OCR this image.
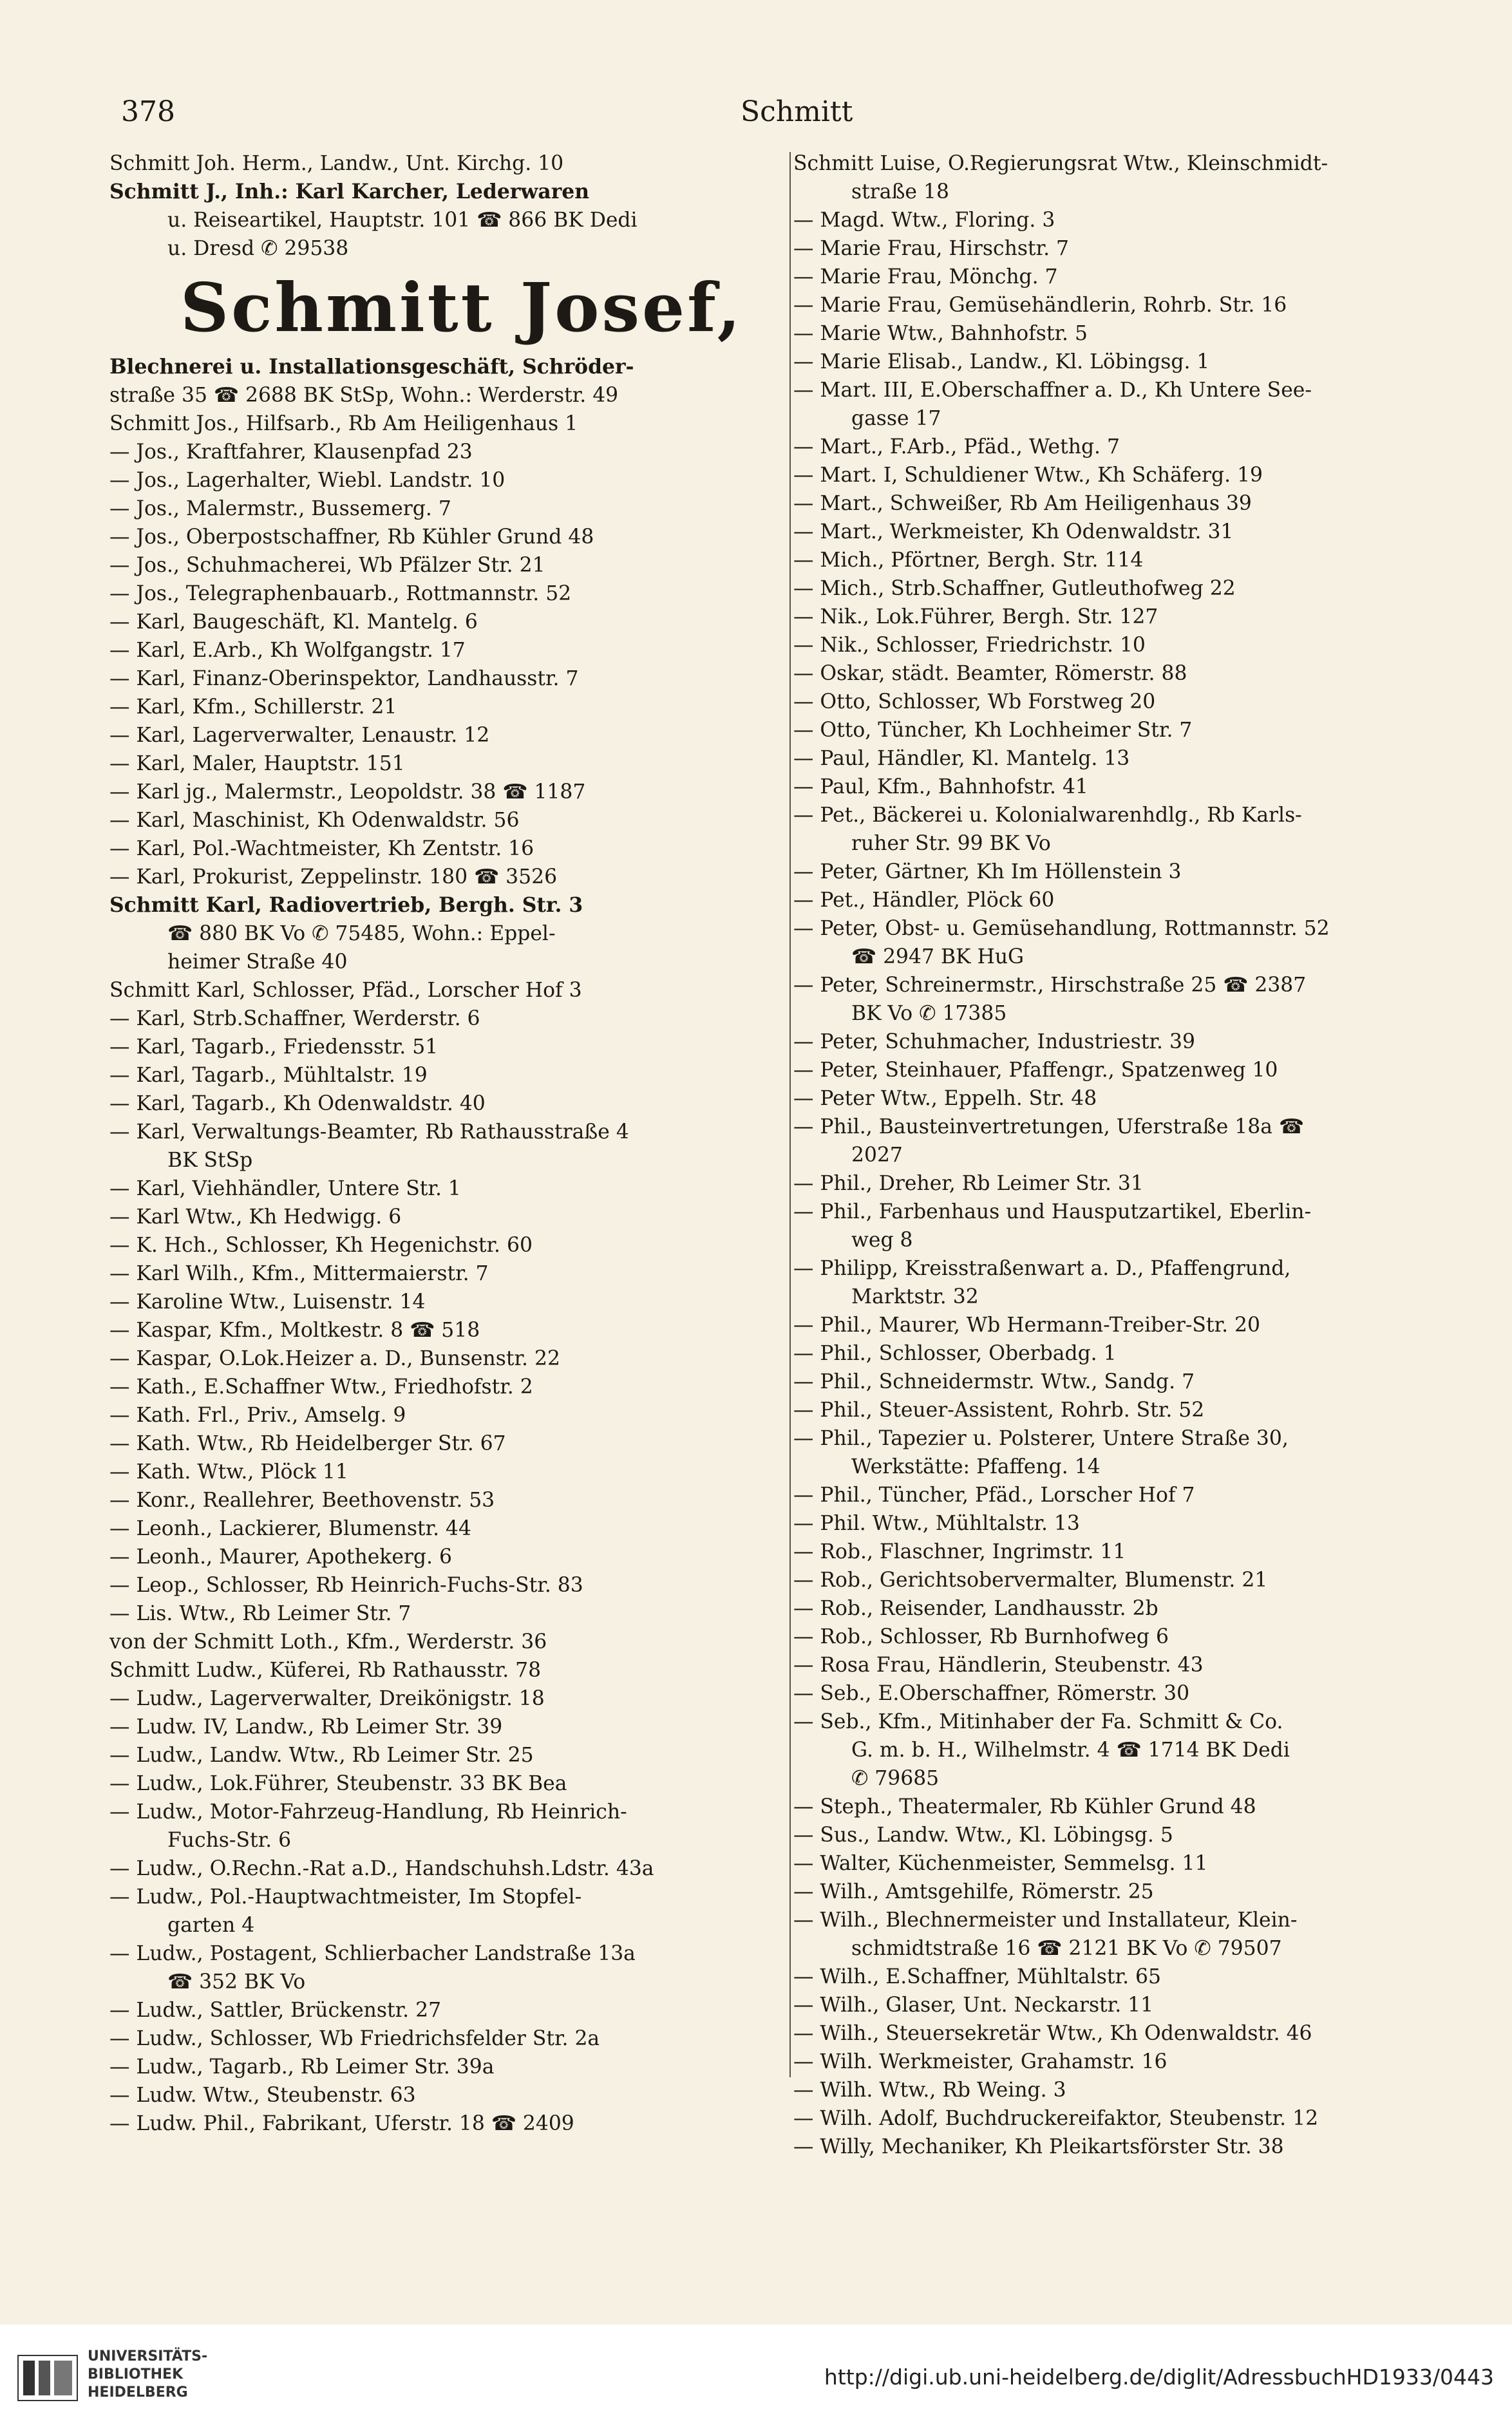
378	Schmitt
Schmitt Joh. Herm., Landw., Unt. Kirchg. 10
Schmitt J., Inh.: Karl Karcher, Lederwaren
u. Reiseartikel, Hauptstr. 101 ☎ 866 BK Dedi
u. Dresd ✆ 29538
Schmitt Josef,
Blechnerei u. Installationsgeschäft, Schröder-
straße 35 ☎ 2688 BK StSp, Wohn.: Werderstr. 49
Schmitt Jos., Hilfsarb., Rb Am Heiligenhaus 1
— Jos., Kraftfahrer, Klausenpfad 23
— Jos., Lagerhalter, Wiebl. Landstr. 10
— Jos., Malermstr., Bussemerg. 7
— Jos., Oberpostschaffner, Rb Kühler Grund 48
— Jos., Schuhmacherei, Wb Pfälzer Str. 21
— Jos., Telegraphenbauarb., Rottmannstr. 52
— Karl, Baugeschäft, Kl. Mantelg. 6
— Karl, E.Arb., Kh Wolfgangstr. 17
— Karl, Finanz-Oberinspektor, Landhausstr. 7
— Karl, Kfm., Schillerstr. 21
— Karl, Lagerverwalter, Lenaustr. 12
— Karl, Maler, Hauptstr. 151
— Karl jg., Malermstr., Leopoldstr. 38 ☎ 1187
— Karl, Maschinist, Kh Odenwaldstr. 56
— Karl, Pol.-Wachtmeister, Kh Zentstr. 16
— Karl, Prokurist, Zeppelinstr. 180 ☎ 3526
Schmitt Karl, Radiovertrieb, Bergh. Str. 3
☎ 880 BK Vo ✆ 75485, Wohn.: Eppel-
heimer Straße 40
Schmitt Karl, Schlosser, Pfäd., Lorscher Hof 3
— Karl, Strb.Schaffner, Werderstr. 6
— Karl, Tagarb., Friedensstr. 51
— Karl, Tagarb., Mühltalstr. 19
— Karl, Tagarb., Kh Odenwaldstr. 40
— Karl, Verwaltungs-Beamter, Rb Rathausstraße 4
BK StSp
— Karl, Viehhändler, Untere Str. 1
— Karl Wtw., Kh Hedwigg. 6
— K. Hch., Schlosser, Kh Hegenichstr. 60
— Karl Wilh., Kfm., Mittermaierstr. 7
— Karoline Wtw., Luisenstr. 14
— Kaspar, Kfm., Moltkestr. 8 ☎ 518
— Kaspar, O.Lok.Heizer a. D., Bunsenstr. 22
— Kath., E.Schaffner Wtw., Friedhofstr. 2
— Kath. Frl., Priv., Amselg. 9
— Kath. Wtw., Rb Heidelberger Str. 67
— Kath. Wtw., Plöck 11
— Konr., Reallehrer, Beethovenstr. 53
— Leonh., Lackierer, Blumenstr. 44
— Leonh., Maurer, Apothekerg. 6
— Leop., Schlosser, Rb Heinrich-Fuchs-Str. 83
— Lis. Wtw., Rb Leimer Str. 7
von der Schmitt Loth., Kfm., Werderstr. 36
Schmitt Ludw., Küferei, Rb Rathausstr. 78
— Ludw., Lagerverwalter, Dreikönigstr. 18
— Ludw. IV, Landw., Rb Leimer Str. 39
— Ludw., Landw. Wtw., Rb Leimer Str. 25
— Ludw., Lok.Führer, Steubenstr. 33 BK Bea
— Ludw., Motor-Fahrzeug-Handlung, Rb Heinrich-
Fuchs-Str. 6
— Ludw., O.Rechn.-Rat a.D., Handschuhsh.Ldstr. 43a
— Ludw., Pol.-Hauptwachtmeister, Im Stopfel-
garten 4
— Ludw., Postagent, Schlierbacher Landstraße 13a
☎ 352 BK Vo
— Ludw., Sattler, Brückenstr. 27
— Ludw., Schlosser, Wb Friedrichsfelder Str. 2a
— Ludw., Tagarb., Rb Leimer Str. 39a
— Ludw. Wtw., Steubenstr. 63
— Ludw. Phil., Fabrikant, Uferstr. 18 ☎ 2409
Schmitt Luise, O.Regierungsrat Wtw., Kleinschmidt-
straße 18
— Magd. Wtw., Floring. 3
— Marie Frau, Hirschstr. 7
— Marie Frau, Mönchg. 7
— Marie Frau, Gemüsehändlerin, Rohrb. Str. 16
— Marie Wtw., Bahnhofstr. 5
— Marie Elisab., Landw., Kl. Löbingsg. 1
— Mart. III, E.Oberschaffner a. D., Kh Untere See-
gasse 17
— Mart., F.Arb., Pfäd., Wethg. 7
— Mart. I, Schuldiener Wtw., Kh Schäferg. 19
— Mart., Schweißer, Rb Am Heiligenhaus 39
— Mart., Werkmeister, Kh Odenwaldstr. 31
— Mich., Pförtner, Bergh. Str. 114
— Mich., Strb.Schaffner, Gutleuthofweg 22
— Nik., Lok.Führer, Bergh. Str. 127
— Nik., Schlosser, Friedrichstr. 10
— Oskar, städt. Beamter, Römerstr. 88
— Otto, Schlosser, Wb Forstweg 20
— Otto, Tüncher, Kh Lochheimer Str. 7
— Paul, Händler, Kl. Mantelg. 13
— Paul, Kfm., Bahnhofstr. 41
— Pet., Bäckerei u. Kolonialwarenhdlg., Rb Karls-
ruher Str. 99 BK Vo
— Peter, Gärtner, Kh Im Höllenstein 3
— Pet., Händler, Plöck 60
— Peter, Obst- u. Gemüsehandlung, Rottmannstr. 52
☎ 2947 BK HuG
— Peter, Schreinermstr., Hirschstraße 25 ☎ 2387
BK Vo ✆ 17385
— Peter, Schuhmacher, Industriestr. 39
— Peter, Steinhauer, Pfaffengr., Spatzenweg 10
— Peter Wtw., Eppelh. Str. 48
— Phil., Bausteinvertretungen, Uferstraße 18a ☎
2027
— Phil., Dreher, Rb Leimer Str. 31
— Phil., Farbenhaus und Hausputzartikel, Eberlin-
weg 8
— Philipp, Kreisstraßenwart a. D., Pfaffengrund,
Marktstr. 32
— Phil., Maurer, Wb Hermann-Treiber-Str. 20
— Phil., Schlosser, Oberbadg. 1
— Phil., Schneidermstr. Wtw., Sandg. 7
— Phil., Steuer-Assistent, Rohrb. Str. 52
— Phil., Tapezier u. Polsterer, Untere Straße 30,
Werkstätte: Pfaffeng. 14
— Phil., Tüncher, Pfäd., Lorscher Hof 7
— Phil. Wtw., Mühltalstr. 13
— Rob., Flaschner, Ingrimstr. 11
— Rob., Gerichtsobervermalter, Blumenstr. 21
— Rob., Reisender, Landhausstr. 2b
— Rob., Schlosser, Rb Burnhofweg 6
— Rosa Frau, Händlerin, Steubenstr. 43
— Seb., E.Oberschaffner, Römerstr. 30
— Seb., Kfm., Mitinhaber der Fa. Schmitt & Co.
G. m. b. H., Wilhelmstr. 4 ☎ 1714 BK Dedi
✆ 79685
— Steph., Theatermaler, Rb Kühler Grund 48
— Sus., Landw. Wtw., Kl. Löbingsg. 5
— Walter, Küchenmeister, Semmelsg. 11
— Wilh., Amtsgehilfe, Römerstr. 25
— Wilh., Blechnermeister und Installateur, Klein-
schmidtstraße 16 ☎ 2121 BK Vo ✆ 79507
— Wilh., E.Schaffner, Mühltalstr. 65
— Wilh., Glaser, Unt. Neckarstr. 11
— Wilh., Steuersekretär Wtw., Kh Odenwaldstr. 46
— Wilh. Werkmeister, Grahamstr. 16
— Wilh. Wtw., Rb Weing. 3
— Wilh. Adolf, Buchdruckereifaktor, Steubenstr. 12
— Willy, Mechaniker, Kh Pleikartsförster Str. 38
UNIVERSITÄTS-
BIBLIOTHEK
HEIDELBERG
http://digi.ub.uni-heidelberg.de/diglit/AdressbuchHD1933/0443
